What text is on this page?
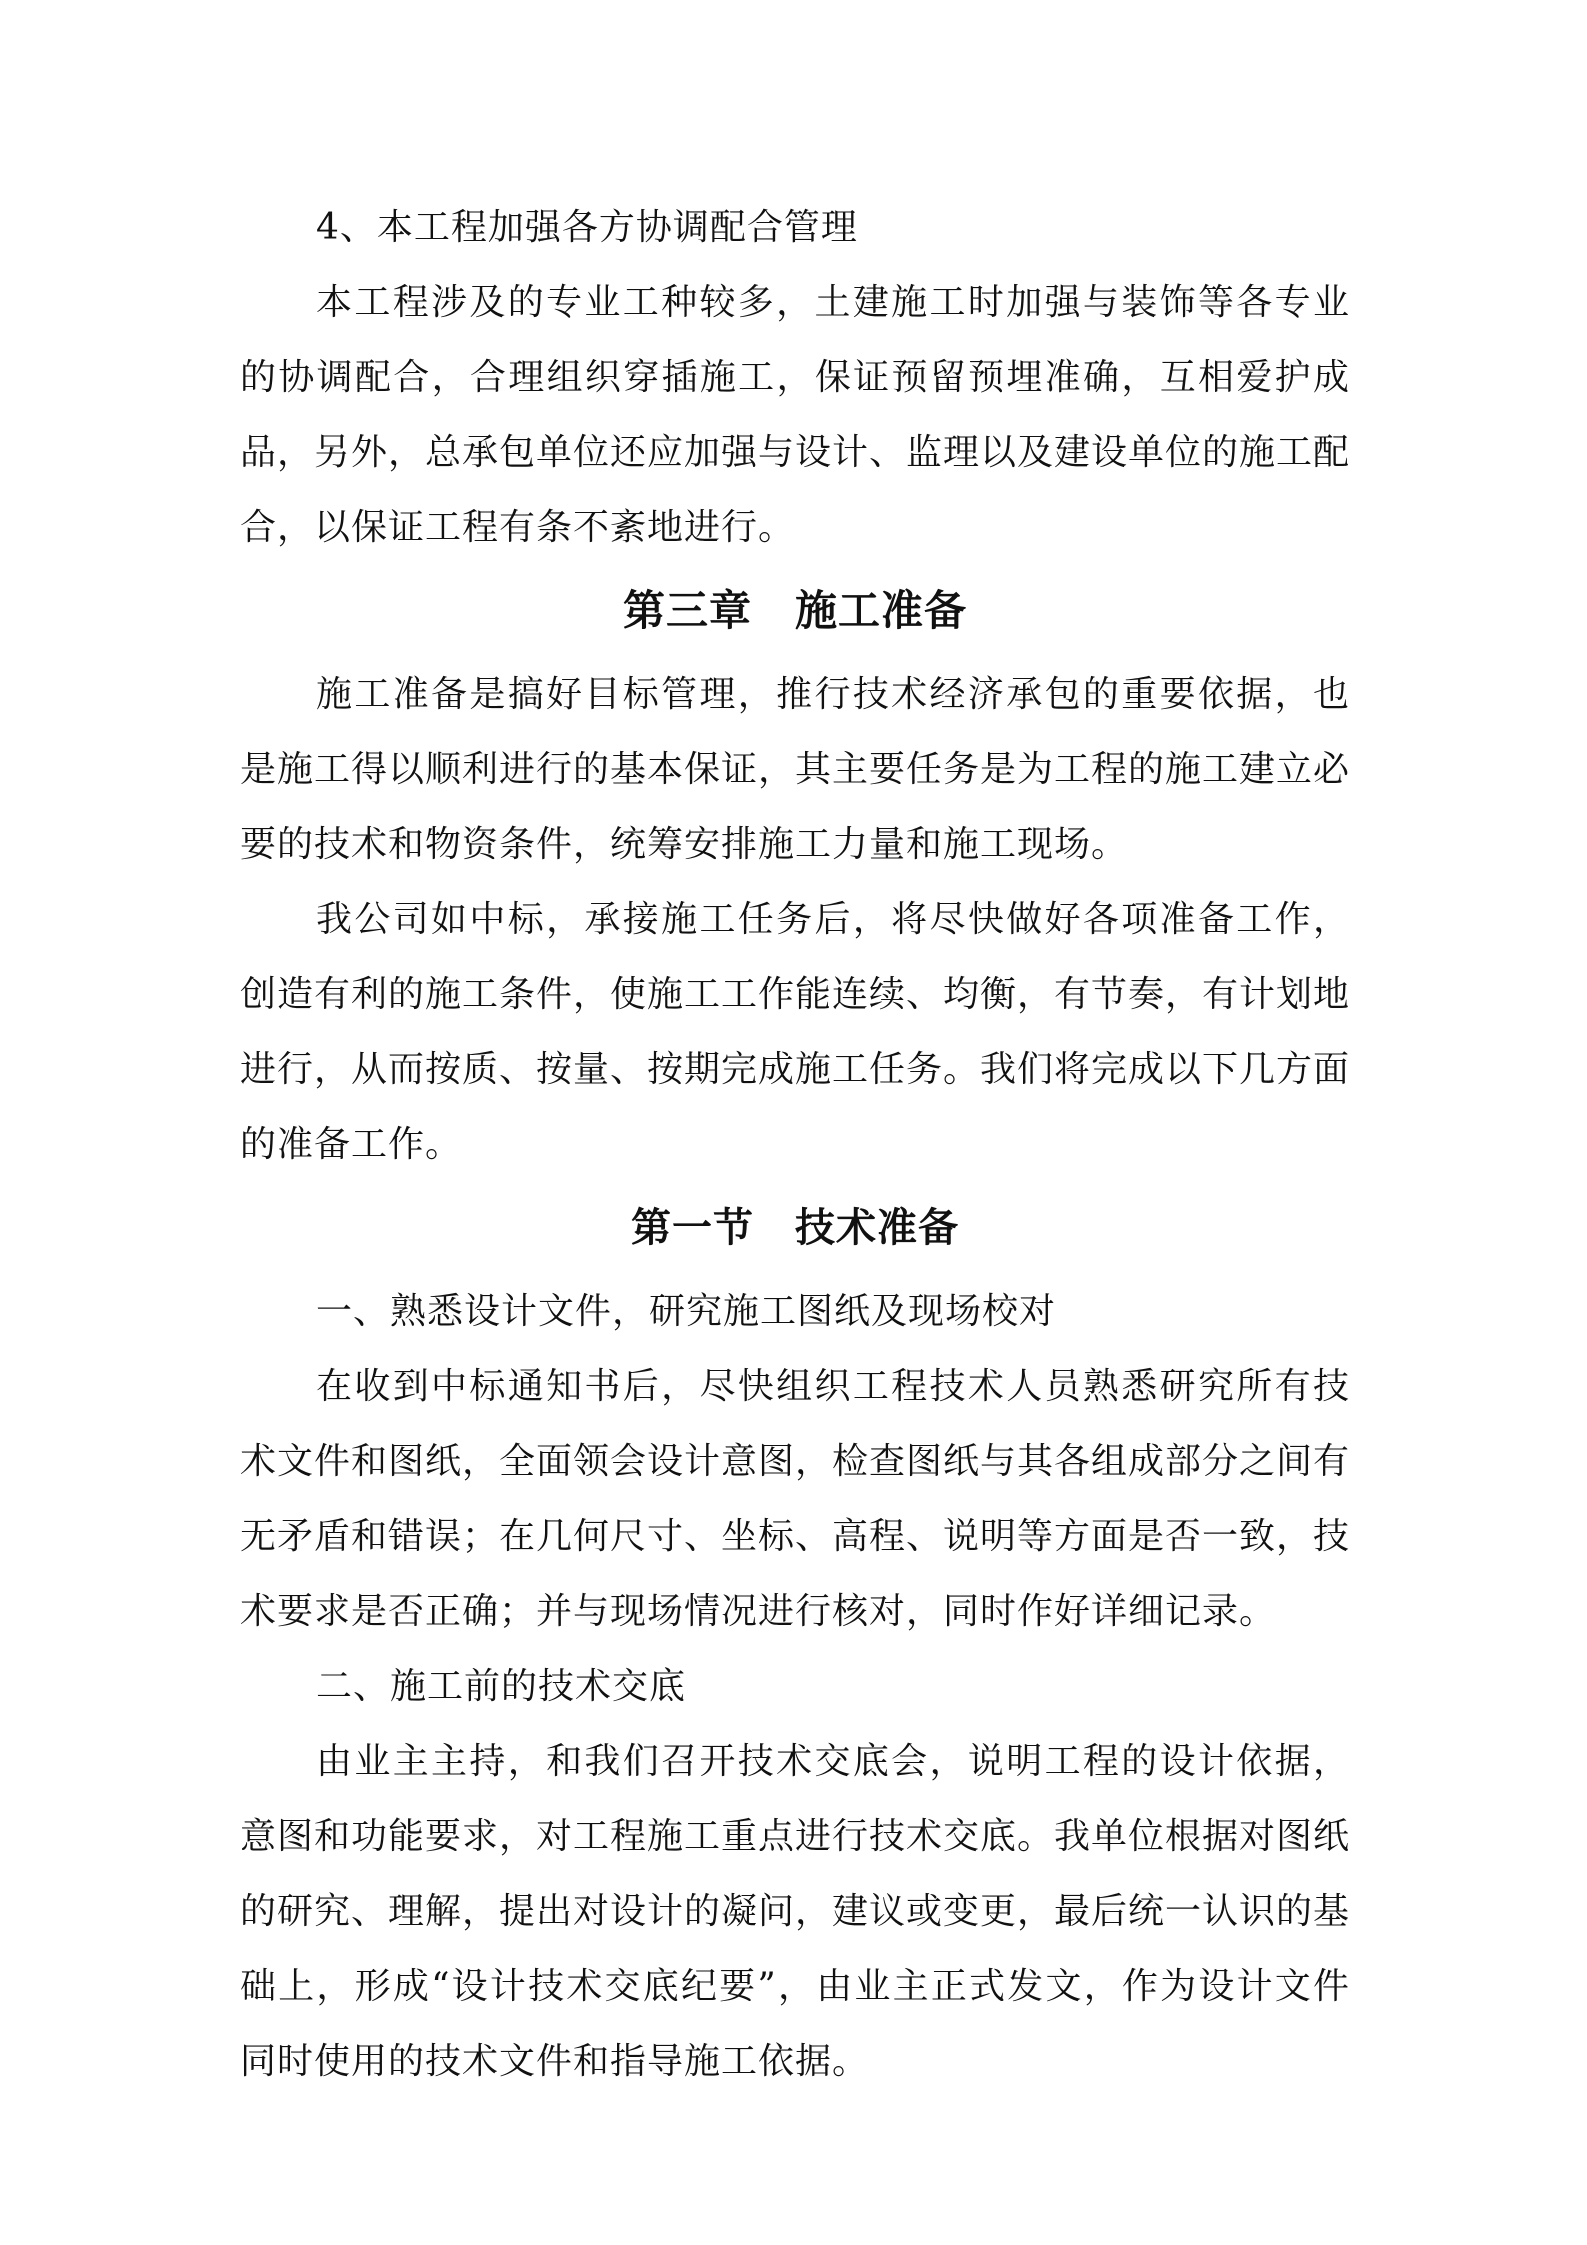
4、本工程加强各方协调配合管理

本工程涉及的专业工种较多，土建施工时加强与装饰等各专业的协调配合，合理组织穿插施工，保证预留预埋准确，互相爱护成品，另外，总承包单位还应加强与设计、监理以及建设单位的施工配合，以保证工程有条不紊地进行。

第三章　施工准备

施工准备是搞好目标管理，推行技术经济承包的重要依据，也是施工得以顺利进行的基本保证，其主要任务是为工程的施工建立必要的技术和物资条件，统筹安排施工力量和施工现场。

我公司如中标，承接施工任务后，将尽快做好各项准备工作，创造有利的施工条件，使施工工作能连续、均衡，有节奏，有计划地进行，从而按质、按量、按期完成施工任务。我们将完成以下几方面的准备工作。

第一节　技术准备

一、熟悉设计文件，研究施工图纸及现场校对

在收到中标通知书后，尽快组织工程技术人员熟悉研究所有技术文件和图纸，全面领会设计意图，检查图纸与其各组成部分之间有无矛盾和错误；在几何尺寸、坐标、高程、说明等方面是否一致，技术要求是否正确；并与现场情况进行核对，同时作好详细记录。

二、施工前的技术交底

由业主主持，和我们召开技术交底会，说明工程的设计依据，意图和功能要求，对工程施工重点进行技术交底。我单位根据对图纸的研究、理解，提出对设计的凝问，建议或变更，最后统一认识的基础上，形成“设计技术交底纪要”，由业主正式发文，作为设计文件同时使用的技术文件和指导施工依据。
